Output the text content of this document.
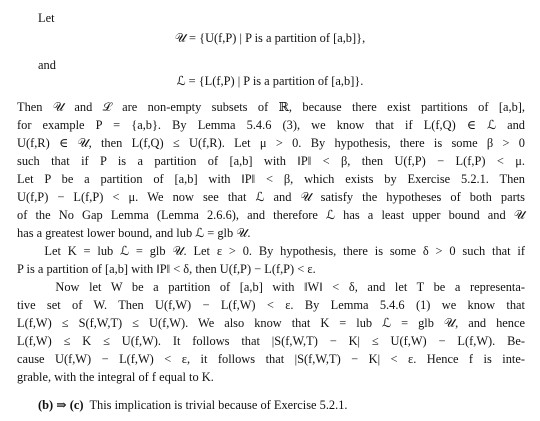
Let
𝒰 = {U(f,P) | P is a partition of [a,b]},
and
ℒ = {L(f,P) | P is a partition of [a,b]}.
Then 𝒰 and ℒ are non-empty subsets of ℝ, because there exist partitions of [a,b],
for example P = {a,b}. By Lemma 5.4.6 (3), we know that if L(f,Q) ∈ ℒ and
U(f,R) ∈ 𝒰, then L(f,Q) ≤ U(f,R). Let μ > 0. By hypothesis, there is some β > 0
such that if P is a partition of [a,b] with ‖P‖ < β, then U(f,P) − L(f,P) < μ.
Let P be a partition of [a,b] with ‖P‖ < β, which exists by Exercise 5.2.1. Then
U(f,P) − L(f,P) < μ. We now see that ℒ and 𝒰 satisfy the hypotheses of both parts
of the No Gap Lemma (Lemma 2.6.6), and therefore ℒ has a least upper bound and 𝒰
has a greatest lower bound, and lub ℒ = glb 𝒰.
Let K = lub ℒ = glb 𝒰. Let ε > 0. By hypothesis, there is some δ > 0 such that if
P is a partition of [a,b] with ‖P‖ < δ, then U(f,P) − L(f,P) < ε.
Now let W be a partition of [a,b] with ‖W‖ < δ, and let T be a representa-
tive set of W. Then U(f,W) − L(f,W) < ε. By Lemma 5.4.6 (1) we know that
L(f,W) ≤ S(f,W,T) ≤ U(f,W). We also know that K = lub ℒ = glb 𝒰, and hence
L(f,W) ≤ K ≤ U(f,W). It follows that |S(f,W,T) − K| ≤ U(f,W) − L(f,W). Be-
cause U(f,W) − L(f,W) < ε, it follows that |S(f,W,T) − K| < ε. Hence f is inte-
grable, with the integral of f equal to K.
(b) ⇒ (c)  This implication is trivial because of Exercise 5.2.1.
